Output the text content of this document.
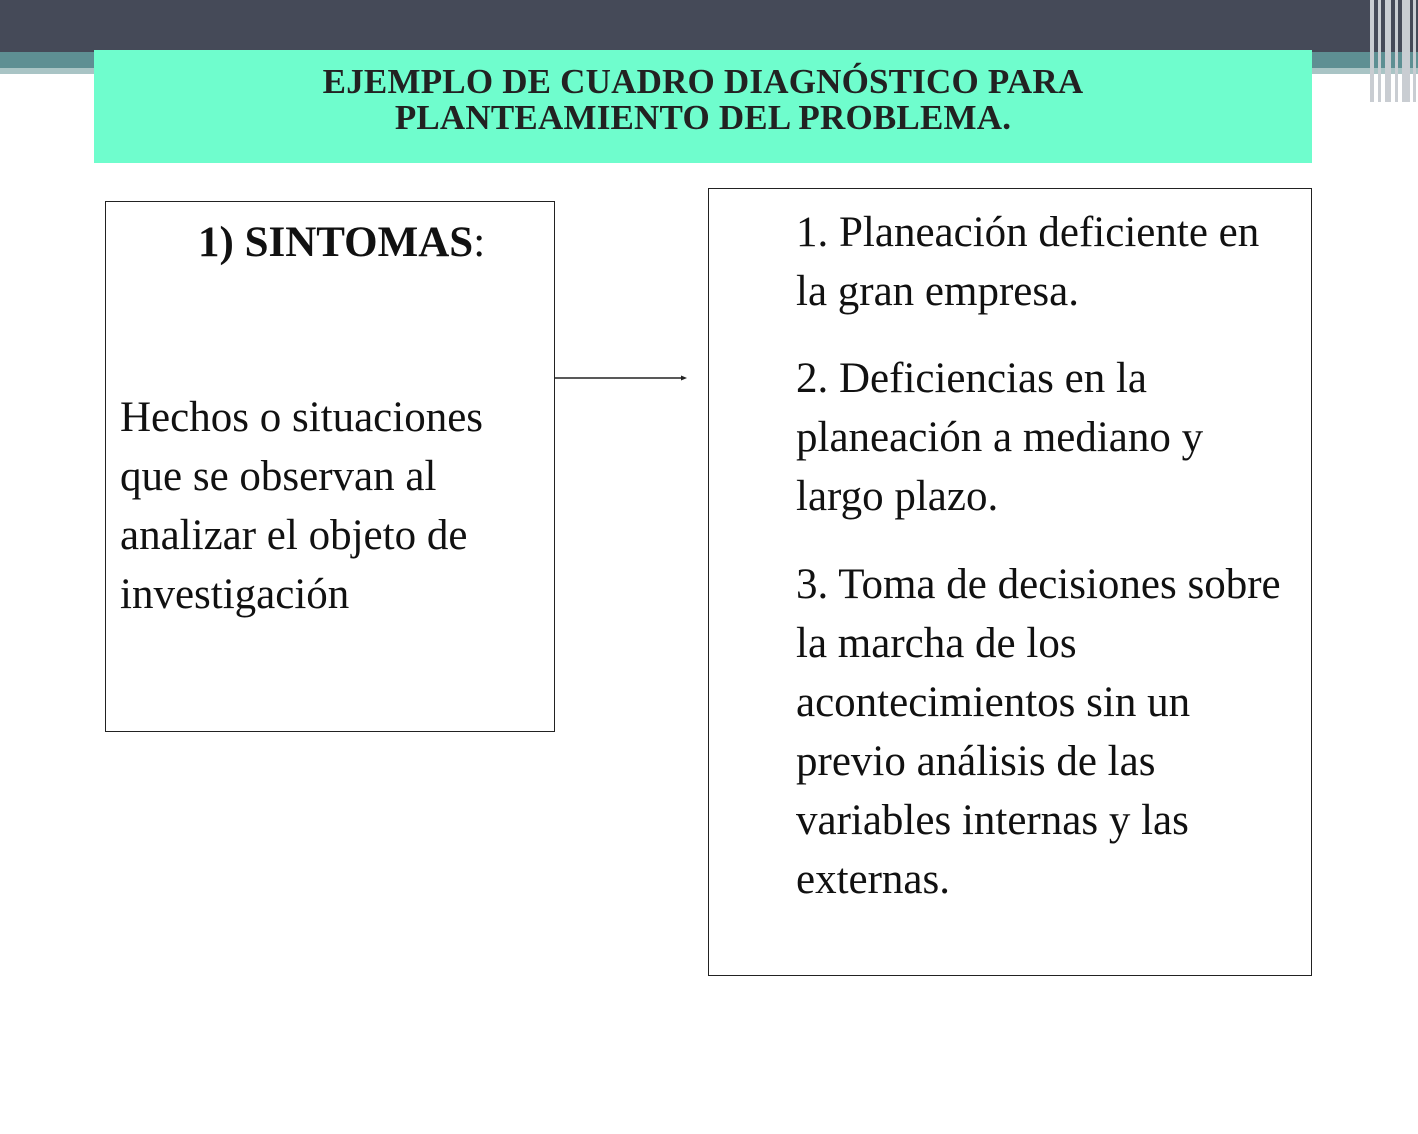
EJEMPLO DE CUADRO DIAGNÓSTICO PARA
PLANTEAMIENTO DEL PROBLEMA.
1) SINTOMAS:
Hechos o situaciones que se observan al analizar el objeto de investigación
1. Planeación deficiente en la gran empresa.
2. Deficiencias en la planeación a mediano y largo plazo.
3. Toma de decisiones sobre la marcha de los acontecimientos sin un previo análisis de las variables internas y las externas.
